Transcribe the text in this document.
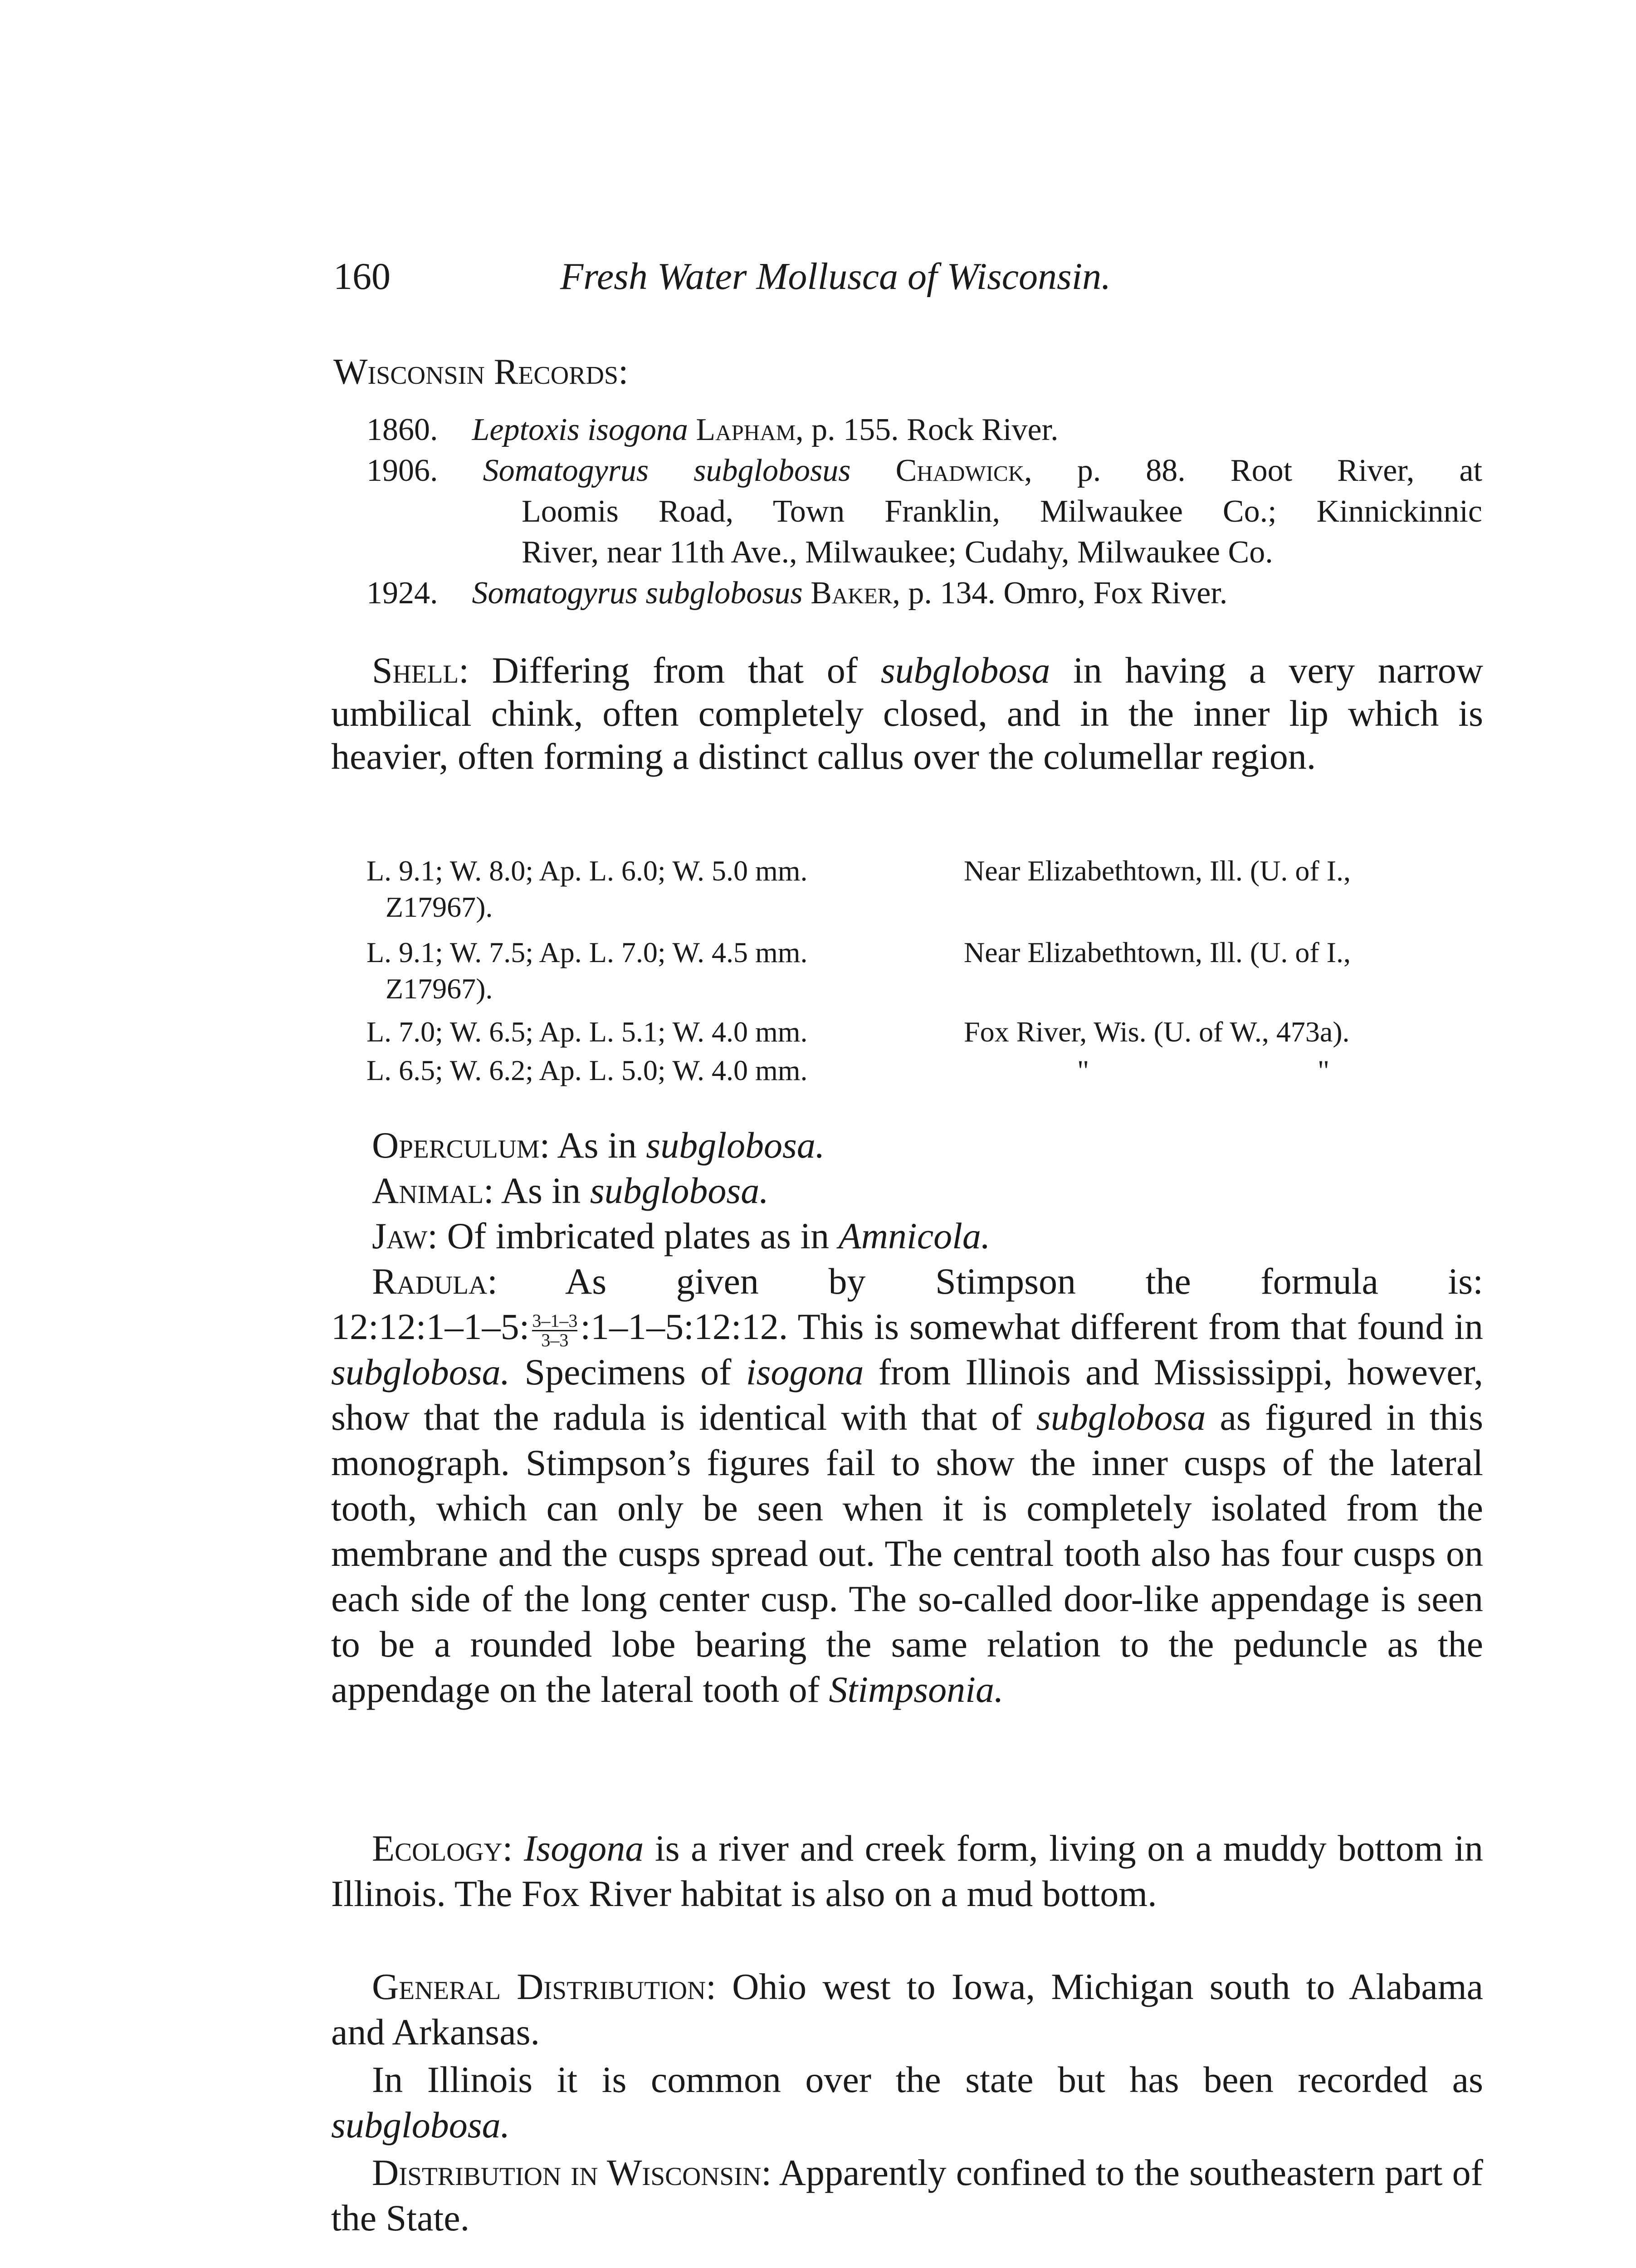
160	Fresh Water Mollusca of Wisconsin.
Wisconsin Records:
1860. Leptoxis isogona Lapham, p. 155. Rock River.
1906. Somatogyrus subglobosus Chadwick, p. 88. Root River, at
Loomis Road, Town Franklin, Milwaukee Co.; Kinnickinnic
River, near 11th Ave., Milwaukee; Cudahy, Milwaukee Co.
1924. Somatogyrus subglobosus Baker, p. 134. Omro, Fox River.

Shell: Differing from that of subglobosa in having a very narrow umbilical chink, often completely closed, and in the inner lip which is heavier, often forming a distinct callus over the columellar region.

L. 9.1; W. 8.0; Ap. L. 6.0; W. 5.0 mm.	Near Elizabethtown, Ill. (U. of I.,
Z17967).
L. 9.1; W. 7.5; Ap. L. 7.0; W. 4.5 mm.	Near Elizabethtown, Ill. (U. of I.,
Z17967).
L. 7.0; W. 6.5; Ap. L. 5.1; W. 4.0 mm.	Fox River, Wis. (U. of W., 473a).
L. 6.5; W. 6.2; Ap. L. 5.0; W. 4.0 mm.	"	"
Operculum: As in subglobosa.
Animal: As in subglobosa.
Jaw: Of imbricated plates as in Amnicola.

Radula: As given by Stimpson the formula is:

12:12:1–1–5: $\frac{3-1-3}{3-3}$ :1–1–5:12:12. This is somewhat different from that found in subglobosa. Specimens of isogona from Illinois and Mississippi, however, show that the radula is identical with that of subglobosa as figured in this monograph. Stimpson’s figures fail to show the inner cusps of the lateral tooth, which can only be seen when it is completely isolated from the membrane and the cusps spread out. The central tooth also has four cusps on each side of the long center cusp. The so-called door-like appendage is seen to be a rounded lobe bearing the same relation to the peduncle as the appendage on the lateral tooth of Stimpsonia.

Ecology: Isogona is a river and creek form, living on a muddy bottom in Illinois. The Fox River habitat is also on a mud bottom.

General Distribution: Ohio west to Iowa, Michigan south to Alabama and Arkansas.

In Illinois it is common over the state but has been recorded as subglobosa.

Distribution in Wisconsin: Apparently confined to the southeastern part of the State.
